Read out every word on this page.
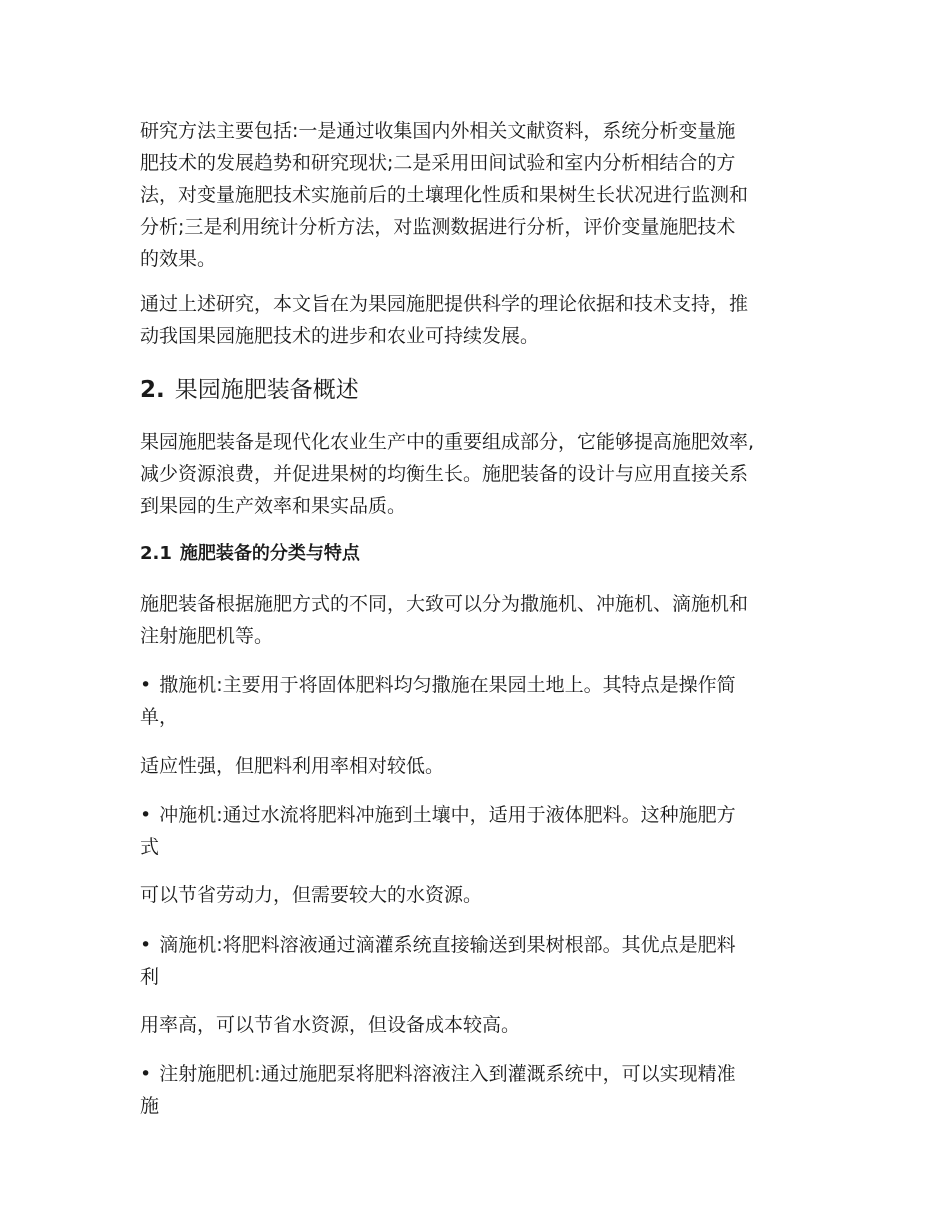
研究方法主要包括:一是通过收集国内外相关文献资料，系统分析变量施
肥技术的发展趋势和研究现状;二是采用田间试验和室内分析相结合的方
法，对变量施肥技术实施前后的土壤理化性质和果树生长状况进行监测和
分析;三是利用统计分析方法，对监测数据进行分析，评价变量施肥技术
的效果。

通过上述研究，本文旨在为果园施肥提供科学的理论依据和技术支持，推
动我国果园施肥技术的进步和农业可持续发展。

2. 果园施肥装备概述

果园施肥装备是现代化农业生产中的重要组成部分，它能够提高施肥效率,
减少资源浪费，并促进果树的均衡生长。施肥装备的设计与应用直接关系
到果园的生产效率和果实品质。

2.1 施肥装备的分类与特点

施肥装备根据施肥方式的不同，大致可以分为撒施机、冲施机、滴施机和
注射施肥机等。

• 撒施机:主要用于将固体肥料均匀撒施在果园土地上。其特点是操作简
单，

适应性强，但肥料利用率相对较低。

• 冲施机:通过水流将肥料冲施到土壤中，适用于液体肥料。这种施肥方
式

可以节省劳动力，但需要较大的水资源。

• 滴施机:将肥料溶液通过滴灌系统直接输送到果树根部。其优点是肥料
利

用率高，可以节省水资源，但设备成本较高。

• 注射施肥机:通过施肥泵将肥料溶液注入到灌溉系统中，可以实现精准
施
